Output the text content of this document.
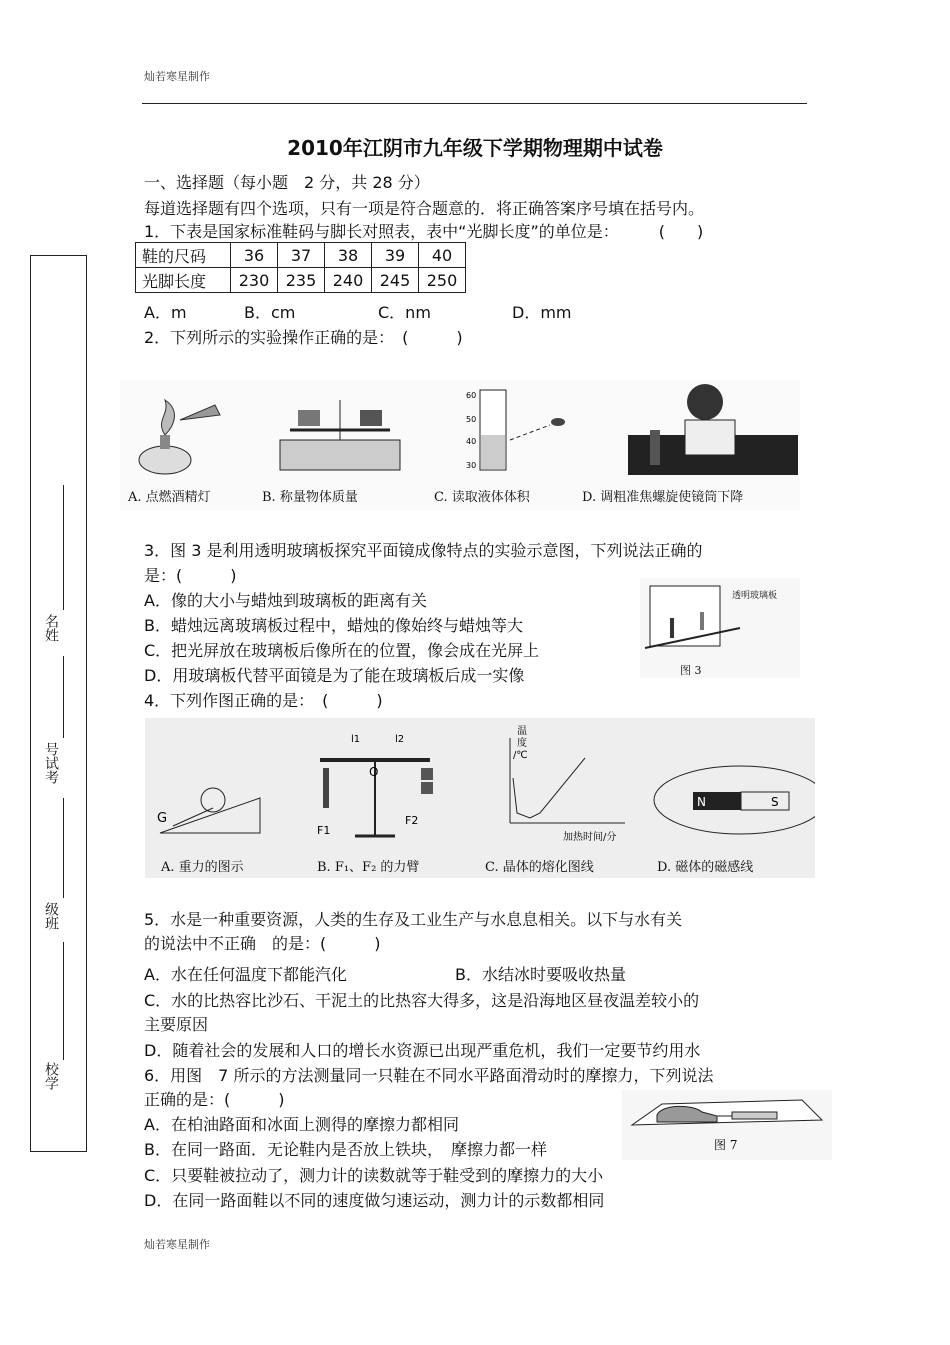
灿若寒星制作
2010年江阴市九年级下学期物理期中试卷
一、选择题（每小题　2 分，共 28 分）
每道选择题有四个选项，只有一项是符合题意的．将正确答案序号填在括号内。
1．下表是国家标准鞋码与脚长对照表，表中“光脚长度”的单位是：　　　(　　)
鞋的尺码	36	37	38	39	40
光脚长度	230	235	240	245	250
A．m	B．cm	C．nm	D．mm
2．下列所示的实验操作正确的是：　(　　　)
60
50
40
30
A. 点燃酒精灯	B. 称量物体质量	C. 读取液体体积	D. 调粗准焦螺旋使镜筒下降
3．图 3 是利用透明玻璃板探究平面镜成像特点的实验示意图，下列说法正确的
是：(　　　)
A．像的大小与蜡烛到玻璃板的距离有关
B．蜡烛远离玻璃板过程中，蜡烛的像始终与蜡烛等大
C．把光屏放在玻璃板后像所在的位置，像会成在光屏上
D．用玻璃板代替平面镜是为了能在玻璃板后成一实像
透明玻璃板
图 3
4．下列作图正确的是：　(　　　)
G
l1	l2
O
F1
F2
温
度
/℃
加热时间/分
N	S
A. 重力的图示	B. F₁、F₂ 的力臂	C. 晶体的熔化图线	D. 磁体的磁感线
5．水是一种重要资源，人类的生存及工业生产与水息息相关。以下与水有关
的说法中不正确　的是：(　　　)
A．水在任何温度下都能汽化	B．水结冰时要吸收热量
C．水的比热容比沙石、干泥土的比热容大得多，这是沿海地区昼夜温差较小的
主要原因
D．随着社会的发展和人口的增长水资源已出现严重危机，我们一定要节约用水
6．用图　7 所示的方法测量同一只鞋在不同水平路面滑动时的摩擦力，下列说法
正确的是：(　　　)
A．在柏油路面和冰面上测得的摩擦力都相同
B．在同一路面．无论鞋内是否放上铁块，　摩擦力都一样
C．只要鞋被拉动了，测力计的读数就等于鞋受到的摩擦力的大小
D．在同一路面鞋以不同的速度做匀速运动，测力计的示数都相同
图 7
名姓
号试考
级班
校学
灿若寒星制作
